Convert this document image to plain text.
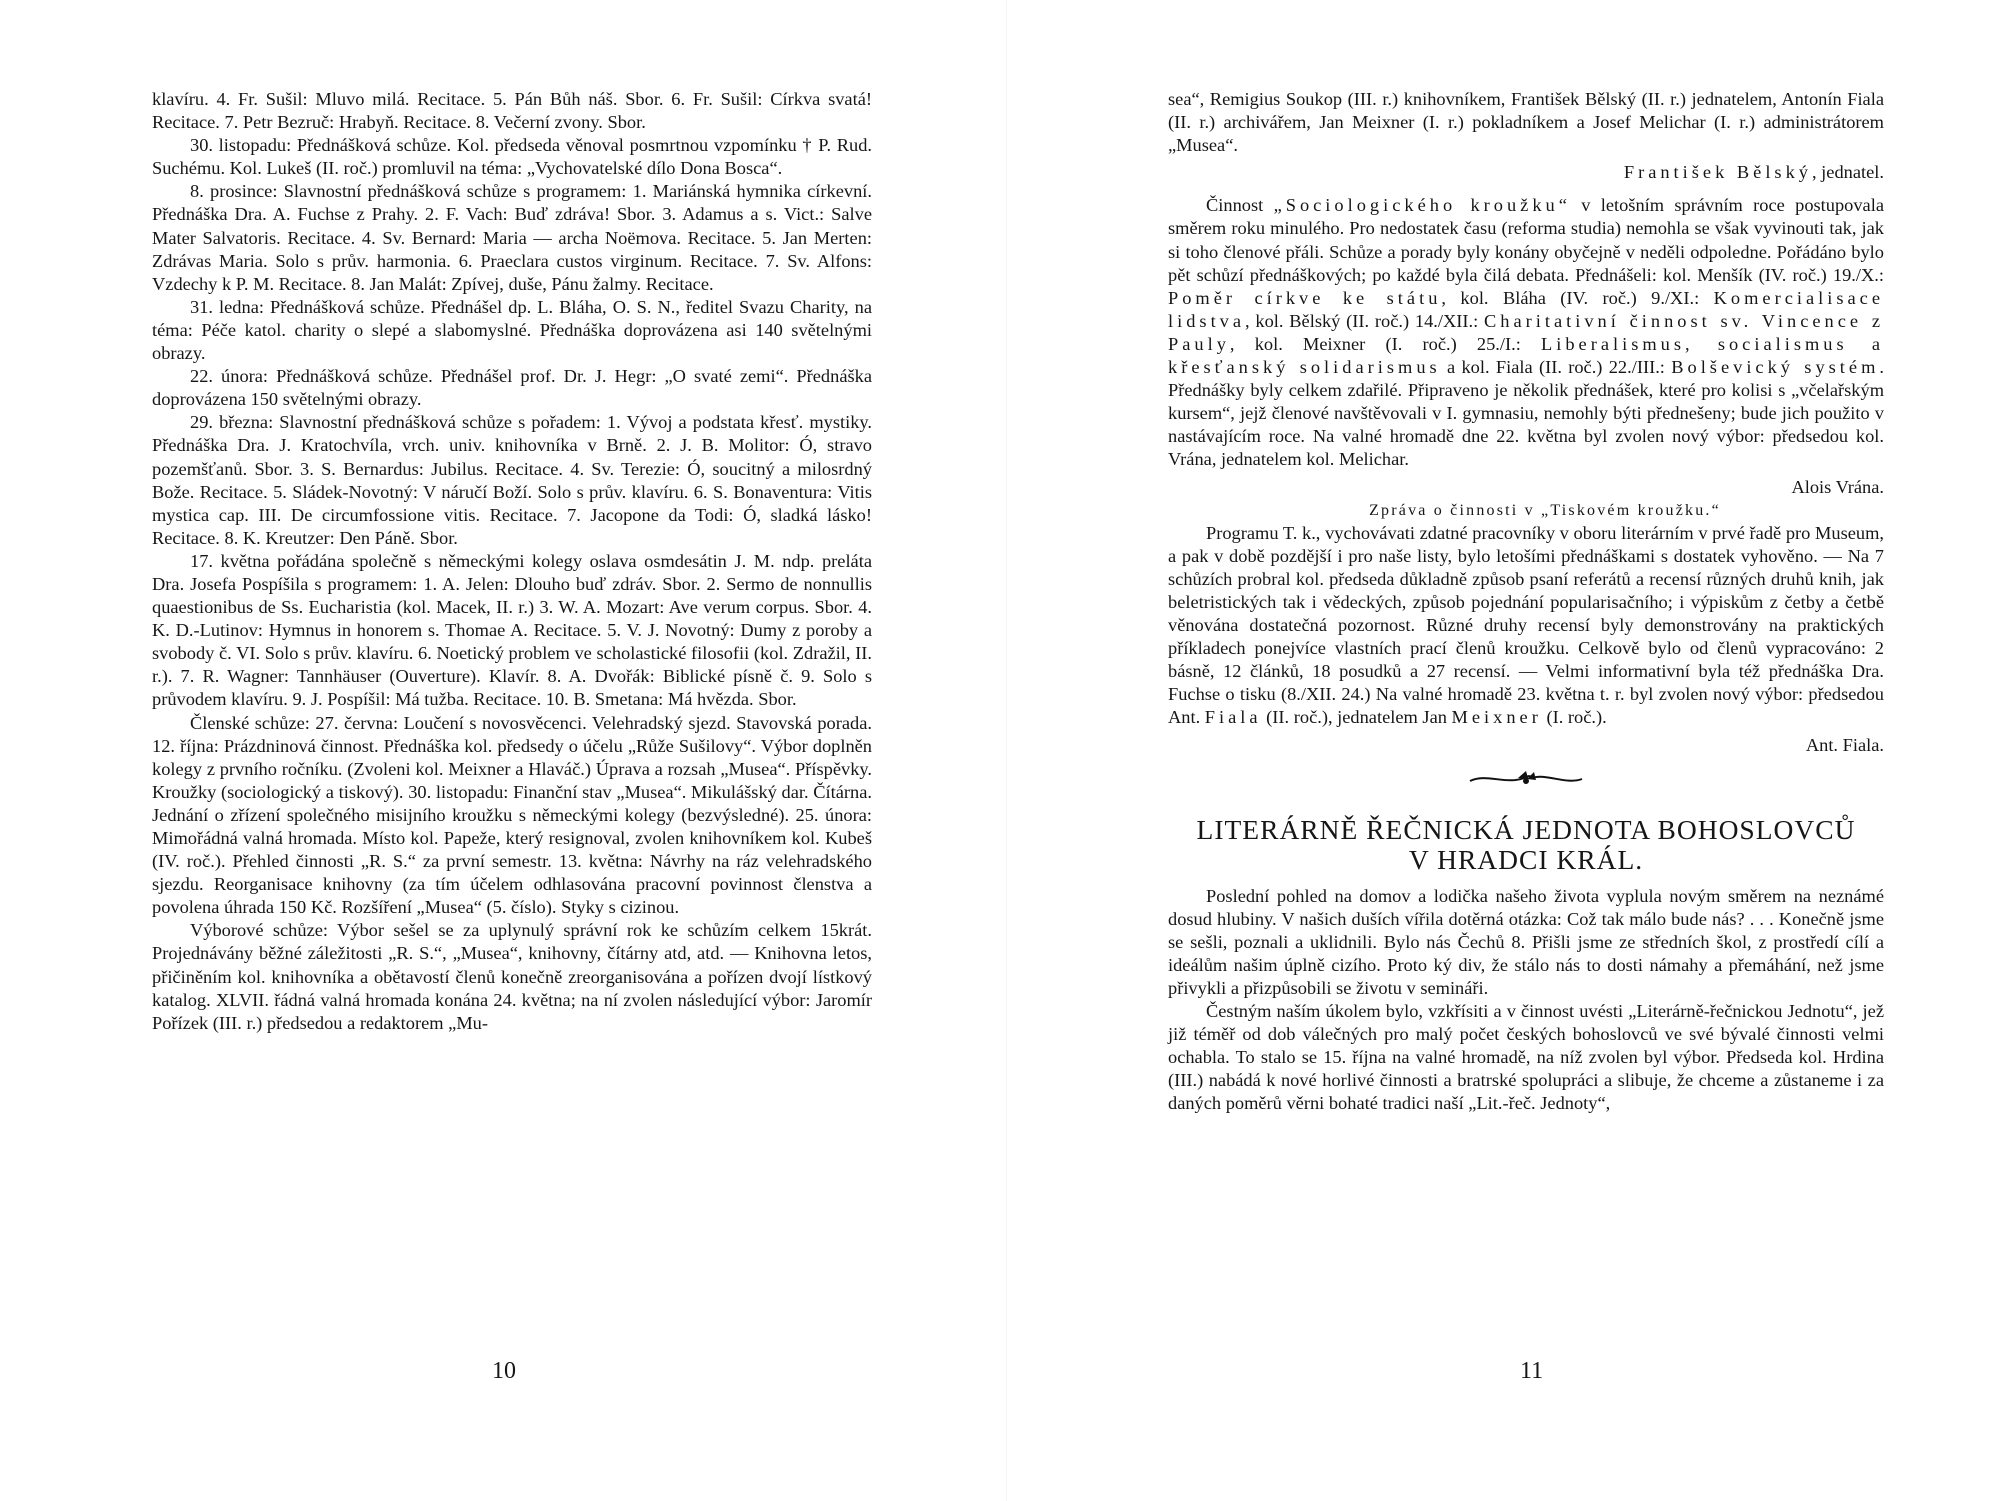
klavíru. 4. Fr. Sušil: Mluvo milá. Recitace. 5. Pán Bůh náš. Sbor. 6. Fr. Sušil: Církva svatá! Recitace. 7. Petr Bezruč: Hrabyň. Recitace. 8. Večerní zvony. Sbor.

30. listopadu: Přednášková schůze. Kol. předseda věnoval posmrtnou vzpomínku † P. Rud. Suchému. Kol. Lukeš (II. roč.) promluvil na téma: „Vychovatelské dílo Dona Bosca“.

8. prosince: Slavnostní přednášková schůze s programem: 1. Mariánská hymnika církevní. Přednáška Dra. A. Fuchse z Prahy. 2. F. Vach: Buď zdráva! Sbor. 3. Adamus a s. Vict.: Salve Mater Salvatoris. Recitace. 4. Sv. Bernard: Maria — archa Noëmova. Recitace. 5. Jan Merten: Zdrávas Maria. Solo s prův. harmonia. 6. Praeclara custos virginum. Recitace. 7. Sv. Alfons: Vzdechy k P. M. Recitace. 8. Jan Malát: Zpívej, duše, Pánu žalmy. Recitace.

31. ledna: Přednášková schůze. Přednášel dp. L. Bláha, O. S. N., ředitel Svazu Charity, na téma: Péče katol. charity o slepé a slabomyslné. Přednáška doprovázena asi 140 světelnými obrazy.

22. února: Přednášková schůze. Přednášel prof. Dr. J. Hegr: „O svaté zemi“. Přednáška doprovázena 150 světelnými obrazy.

29. března: Slavnostní přednášková schůze s pořadem: 1. Vývoj a podstata křesť. mystiky. Přednáška Dra. J. Kratochvíla, vrch. univ. knihovníka v Brně. 2. J. B. Molitor: Ó, stravo pozemšťanů. Sbor. 3. S. Bernardus: Jubilus. Recitace. 4. Sv. Terezie: Ó, soucitný a milosrdný Bože. Recitace. 5. Sládek-Novotný: V náručí Boží. Solo s prův. klavíru. 6. S. Bonaventura: Vitis mystica cap. III. De circumfossione vitis. Recitace. 7. Jacopone da Todi: Ó, sladká lásko! Recitace. 8. K. Kreutzer: Den Páně. Sbor.

17. května pořádána společně s německými kolegy oslava osmdesátin J. M. ndp. preláta Dra. Josefa Pospíšila s programem: 1. A. Jelen: Dlouho buď zdráv. Sbor. 2. Sermo de nonnullis quaestionibus de Ss. Eucharistia (kol. Macek, II. r.) 3. W. A. Mozart: Ave verum corpus. Sbor. 4. K. D.-Lutinov: Hymnus in honorem s. Thomae A. Recitace. 5. V. J. Novotný: Dumy z poroby a svobody č. VI. Solo s prův. klavíru. 6. Noetický problem ve scholastické filosofii (kol. Zdražil, II. r.). 7. R. Wagner: Tannhäuser (Ouverture). Klavír. 8. A. Dvořák: Biblické písně č. 9. Solo s průvodem klavíru. 9. J. Pospíšil: Má tužba. Recitace. 10. B. Smetana: Má hvězda. Sbor.

Členské schůze: 27. června: Loučení s novosvěcenci. Velehradský sjezd. Stavovská porada. 12. října: Prázdninová činnost. Přednáška kol. předsedy o účelu „Růže Sušilovy“. Výbor doplněn kolegy z prvního ročníku. (Zvoleni kol. Meixner a Hlaváč.) Úprava a rozsah „Musea“. Příspěvky. Kroužky (sociologický a tiskový). 30. listopadu: Finanční stav „Musea“. Mikulášský dar. Čítárna. Jednání o zřízení společného misijního kroužku s německými kolegy (bezvýsledné). 25. února: Mimořádná valná hromada. Místo kol. Papeže, který resignoval, zvolen knihovníkem kol. Kubeš (IV. roč.). Přehled činnosti „R. S.“ za první semestr. 13. května: Návrhy na ráz velehradského sjezdu. Reorganisace knihovny (za tím účelem odhlasována pracovní povinnost členstva a povolena úhrada 150 Kč. Rozšíření „Musea“ (5. číslo). Styky s cizinou.

Výborové schůze: Výbor sešel se za uplynulý správní rok ke schůzím celkem 15krát. Projednávány běžné záležitosti „R. S.“, „Musea“, knihovny, čítárny atd, atd. — Knihovna letos, přičiněním kol. knihovníka a obětavostí členů konečně zreorganisována a pořízen dvojí lístkový katalog. XLVII. řádná valná hromada konána 24. května; na ní zvolen následující výbor: Jaromír Pořízek (III. r.) předsedou a redaktorem „Mu-

10

sea“, Remigius Soukop (III. r.) knihovníkem, František Bělský (II. r.) jednatelem, Antonín Fiala (II. r.) archivářem, Jan Meixner (I. r.) pokladníkem a Josef Melichar (I. r.) administrátorem „Musea“.

František Bělský, jednatel.

Činnost „Sociologického kroužku“ v letošním správním roce postupovala směrem roku minulého. Pro nedostatek času (reforma studia) nemohla se však vyvinouti tak, jak si toho členové přáli. Schůze a porady byly konány obyčejně v neděli odpoledne. Pořádáno bylo pět schůzí přednáškových; po každé byla čilá debata. Přednášeli: kol. Menšík (IV. roč.) 19./X.: Poměr církve ke státu, kol. Bláha (IV. roč.) 9./XI.: Komercialisace lidstva, kol. Bělský (II. roč.) 14./XII.: Charitativní činnost sv. Vincence z Pauly, kol. Meixner (I. roč.) 25./I.: Liberalismus, socialismus a křesťanský solidarismus a kol. Fiala (II. roč.) 22./III.: Bolševický systém. Přednášky byly celkem zdařilé. Připraveno je několik přednášek, které pro kolisi s „včelařským kursem“, jejž členové navštěvovali v I. gymnasiu, nemohly býti přednešeny; bude jich použito v nastávajícím roce. Na valné hromadě dne 22. května byl zvolen nový výbor: předsedou kol. Vrána, jednatelem kol. Melichar.

Alois Vrána.

Zpráva o činnosti v „Tiskovém kroužku.“

Programu T. k., vychovávati zdatné pracovníky v oboru literárním v prvé řadě pro Museum, a pak v době pozdější i pro naše listy, bylo letošími přednáškami s dostatek vyhověno. — Na 7 schůzích probral kol. předseda důkladně způsob psaní referátů a recensí různých druhů knih, jak beletristických tak i vědeckých, způsob pojednání popularisačního; i výpiskům z četby a četbě věnována dostatečná pozornost. Různé druhy recensí byly demonstrovány na praktických příkladech ponejvíce vlastních prací členů kroužku. Celkově bylo od členů vypracováno: 2 básně, 12 článků, 18 posudků a 27 recensí. — Velmi informativní byla též přednáška Dra. Fuchse o tisku (8./XII. 24.) Na valné hromadě 23. května t. r. byl zvolen nový výbor: předsedou Ant. Fiala (II. roč.), jednatelem Jan Meixner (I. roč.).

Ant. Fiala.

LITERÁRNĚ ŘEČNICKÁ JEDNOTA BOHOSLOVCŮ
V HRADCI KRÁL.

Poslední pohled na domov a lodička našeho života vyplula novým směrem na neznámé dosud hlubiny. V našich duších vířila dotěrná otázka: Což tak málo bude nás? . . . Konečně jsme se sešli, poznali a uklidnili. Bylo nás Čechů 8. Přišli jsme ze středních škol, z prostředí cílí a ideálům našim úplně cizího. Proto ký div, že stálo nás to dosti námahy a přemáhání, než jsme přivykli a přizpůsobili se životu v semináři.

Čestným naším úkolem bylo, vzkřísiti a v činnost uvésti „Literárně-řečnickou Jednotu“, jež již téměř od dob válečných pro malý počet českých bohoslovců ve své bývalé činnosti velmi ochabla. To stalo se 15. října na valné hromadě, na níž zvolen byl výbor. Předseda kol. Hrdina (III.) nabádá k nové horlivé činnosti a bratrské spolupráci a slibuje, že chceme a zůstaneme i za daných poměrů věrni bohaté tradici naší „Lit.-řeč. Jednoty“,

11
